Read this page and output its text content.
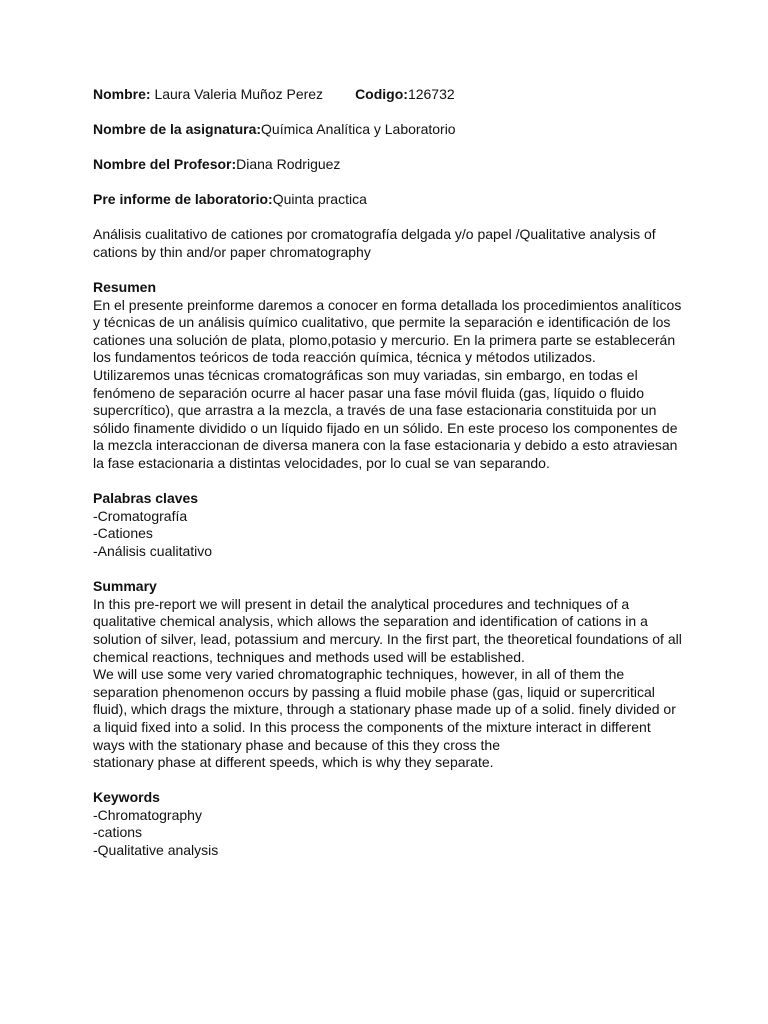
Nombre: Laura Valeria Muñoz Perez Codigo:126732
Nombre de la asignatura:Química Analítica y Laboratorio
Nombre del Profesor:Diana Rodriguez
Pre informe de laboratorio:Quinta practica
Análisis cualitativo de cationes por cromatografía delgada y/o papel /Qualitative analysis of cations by thin and/or paper chromatography
Resumen
En el presente preinforme daremos a conocer en forma detallada los procedimientos analíticos y técnicas de un análisis químico cualitativo, que permite la separación e identificación de los cationes una solución de plata, plomo,potasio y mercurio. En la primera parte se establecerán los fundamentos teóricos de toda reacción química, técnica y métodos utilizados.
Utilizaremos unas técnicas cromatográficas son muy variadas, sin embargo, en todas el fenómeno de separación ocurre al hacer pasar una fase móvil fluida (gas, líquido o fluido supercrítico), que arrastra a la mezcla, a través de una fase estacionaria constituida por un sólido finamente dividido o un líquido fijado en un sólido. En este proceso los componentes de la mezcla interaccionan de diversa manera con la fase estacionaria y debido a esto atraviesan la fase estacionaria a distintas velocidades, por lo cual se van separando.
Palabras claves
-Cromatografía
-Cationes
-Análisis cualitativo
Summary
In this pre-report we will present in detail the analytical procedures and techniques of a qualitative chemical analysis, which allows the separation and identification of cations in a solution of silver, lead, potassium and mercury. In the first part, the theoretical foundations of all chemical reactions, techniques and methods used will be established.
We will use some very varied chromatographic techniques, however, in all of them the separation phenomenon occurs by passing a fluid mobile phase (gas, liquid or supercritical fluid), which drags the mixture, through a stationary phase made up of a solid. finely divided or a liquid fixed into a solid. In this process the components of the mixture interact in different ways with the stationary phase and because of this they cross the
stationary phase at different speeds, which is why they separate.
Keywords
-Chromatography
-cations
-Qualitative analysis
